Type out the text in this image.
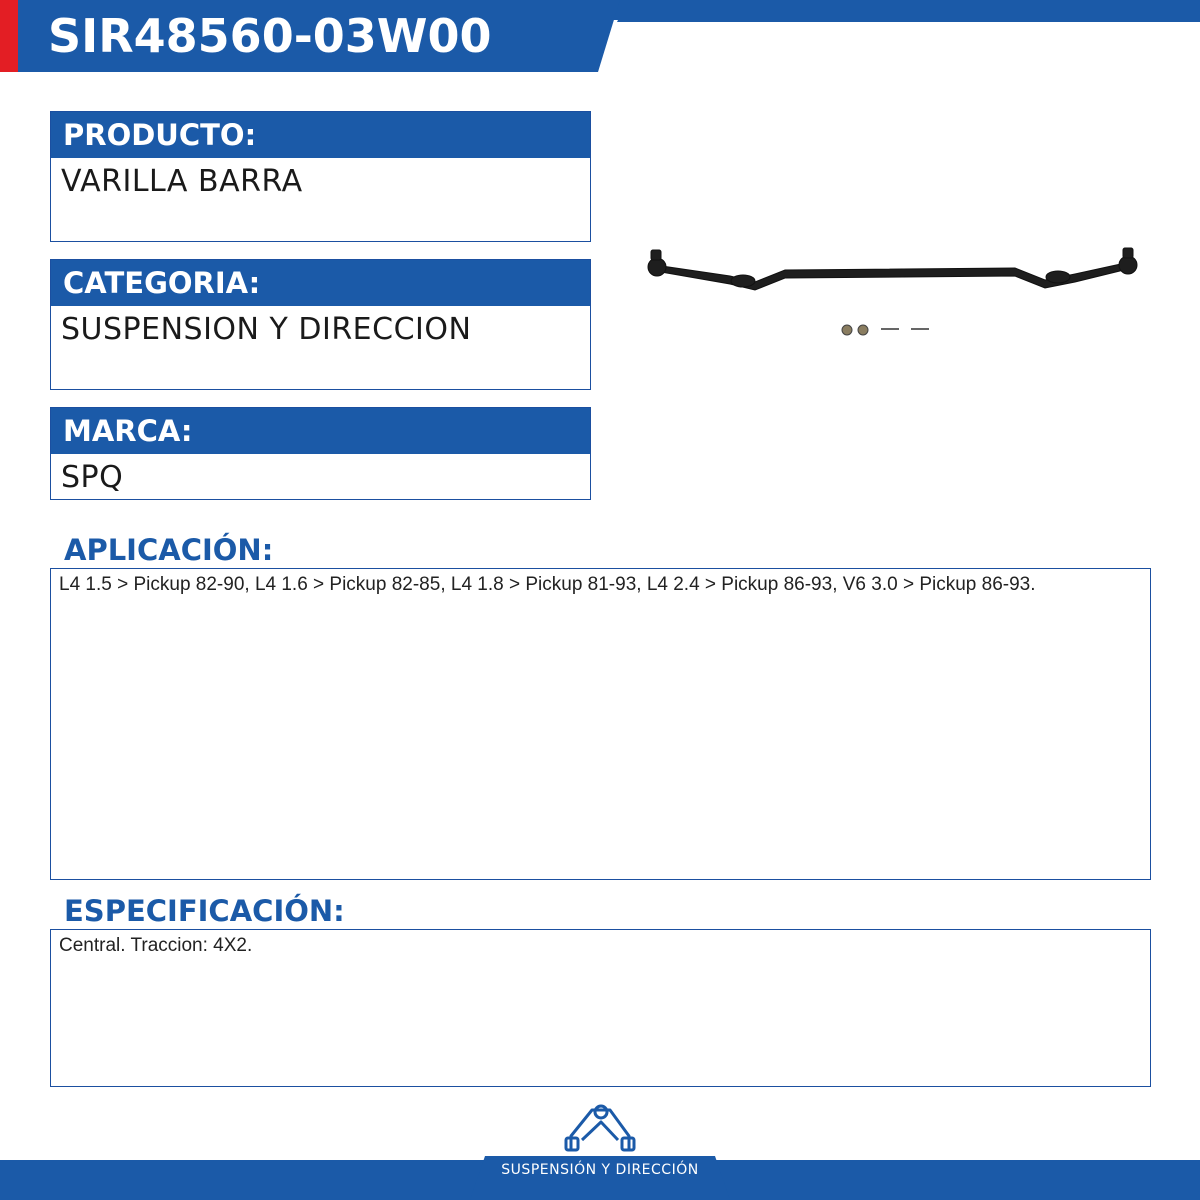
SIR48560-03W00
PRODUCTO:
VARILLA BARRA
CATEGORIA:
SUSPENSION Y DIRECCION
MARCA:
SPQ
APLICACIÓN:
L4 1.5 > Pickup 82-90, L4 1.6 > Pickup 82-85, L4 1.8 > Pickup 81-93, L4 2.4 > Pickup 86-93, V6 3.0 > Pickup 86-93.
ESPECIFICACIÓN:
Central. Traccion: 4X2.
SUSPENSIÓN Y DIRECCIÓN
